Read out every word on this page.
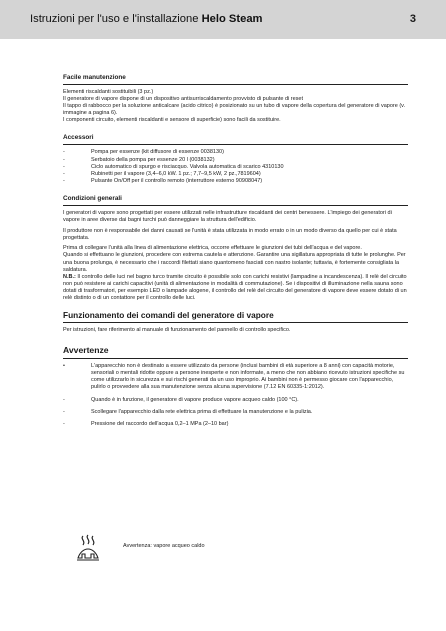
Istruzioni per l'uso e l'installazione Helo Steam	3

Facile manutenzione

Elementi riscaldanti sostituibili (3 pz.)

Il generatore di vapore dispone di un dispositivo antisurriscaldamento provvisto di pulsante di reset

Il tappo di rabbocco per la soluzione anticalcare (acido citrico) è posizionato su un tubo di vapore della copertura del generatore di vapore (v. immagine a pagina 6).

I componenti circuito, elementi riscaldanti e sensore di superficie) sono facili da sostituire.

Accessori

-	Pompa per essenze (kit diffusore di essenze 0038130)
-	Serbatoio della pompa per essenze 20 l (0038132)
-	Ciclo automatico di spurgo e risciacquo. Valvola automatica di scarico 4310130
-	Rubinetti per il vapore (3,4–6,0 kW. 1 pz.; 7,7–9,5 kW, 2 pz.,7819604)
-	Pulsante On/Off per il controllo remoto (interruttore esterno 90908047)

Condizioni generali

I generatori di vapore sono progettati per essere utilizzati nelle infrastrutture riscaldanti dei centri benessere. L'impiego dei generatori di vapore in aree diverse dai bagni turchi può danneggiare la struttura dell'edificio.

Il produttore non è responsabile dei danni causati se l'unità è stata utilizzata in modo errato o in un modo diverso da quello per cui è stata progettata.

Prima di collegare l'unità alla linea di alimentazione elettrica, occorre effettuare le giunzioni dei tubi dell'acqua e del vapore.

Quando si effettuano le giunzioni, procedere con estrema cautela e attenzione. Garantire una sigillatura appropriata di tutte le prolunghe. Per una buona prolunga, è necessario che i raccordi filettati siano quantomeno fasciati con nastro isolante; tuttavia, è fortemente consigliata la saldatura.

N.B.: Il controllo delle luci nel bagno turco tramite circuito è possibile solo con carichi resistivi (lampadine a incandescenza). Il relè del circuito non può resistere ai carichi capacitivi (unità di alimentazione in modalità di commutazione). Se i dispositivi di illuminazione nella sauna sono dotati di trasformatori, per esempio LED o lampade alogene, il controllo del relè del circuito del generatore di vapore deve essere dotato di un relè distinto o di un contattore per il controllo delle luci.

Funzionamento dei comandi del generatore di vapore

Per istruzioni, fare riferimento al manuale di funzionamento del pannello di controllo specifico.

Avvertenze

•	L'apparecchio non è destinato a essere utilizzato da persone (inclusi bambini di età superiore a 8 anni) con capacità motorie, sensoriali o mentali ridotte oppure a persone inesperte e non informate, a meno che non abbiano ricevuto istruzioni specifiche su come utilizzarlo in sicurezza e sui rischi generati da un uso improprio. Ai bambini non è permesso giocare con l'apparecchio, pulirlo o provvedere alla sua manutenzione senza alcuna supervisione (7.12 EN 60335-1:2012).
-	Quando è in funzione, il generatore di vapore produce vapore acqueo caldo (100 °C).
-	Scollegare l'apparecchio dalla rete elettrica prima di effettuare la manutenzione e la pulizia.
-	Pressione del raccordo dell'acqua 0,2–1 MPa (2–10 bar)
Avvertenza: vapore acqueo caldo
